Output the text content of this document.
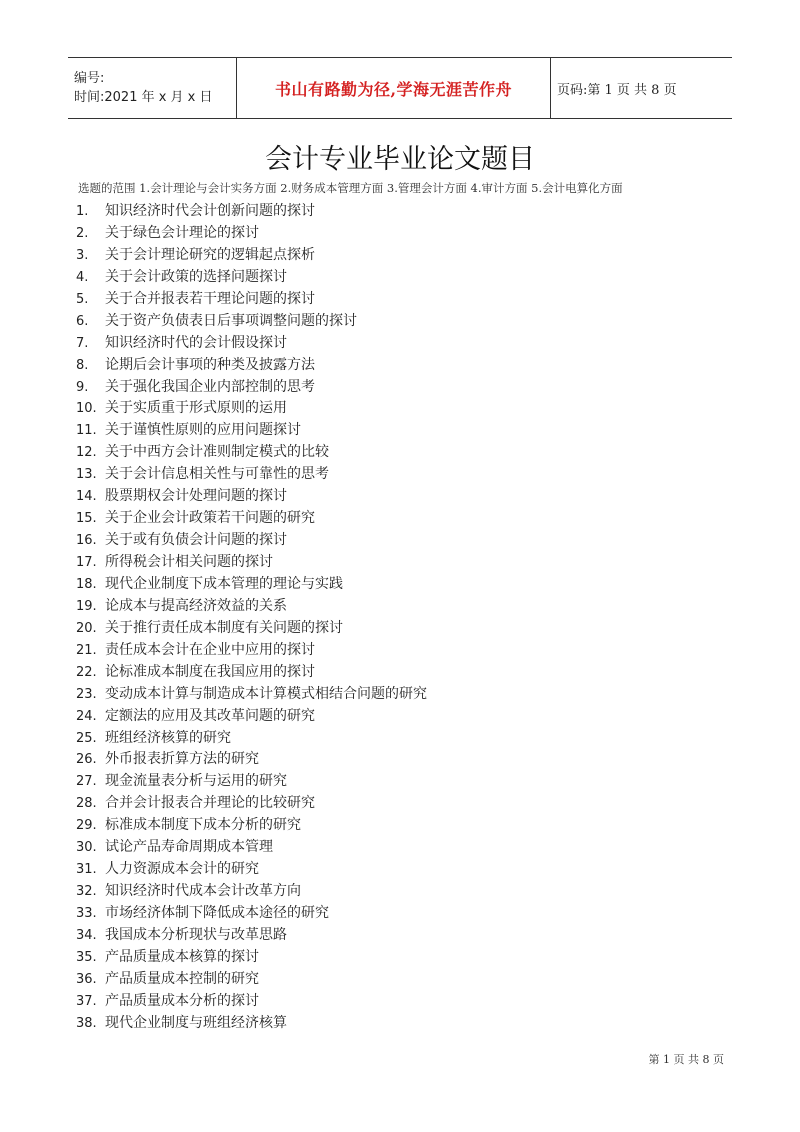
编号:
时间:2021 年 x 月 x 日	书山有路勤为径,学海无涯苦作舟	页码:第 1 页 共 8 页
会计专业毕业论文题目
选题的范围 1.会计理论与会计实务方面 2.财务成本管理方面 3.管理会计方面 4.审计方面 5.会计电算化方面
1.	知识经济时代会计创新问题的探讨
2.	关于绿色会计理论的探讨
3.	关于会计理论研究的逻辑起点探析
4.	关于会计政策的选择问题探讨
5.	关于合并报表若干理论问题的探讨
6.	关于资产负债表日后事项调整问题的探讨
7.	知识经济时代的会计假设探讨
8.	论期后会计事项的种类及披露方法
9.	关于强化我国企业内部控制的思考
10. 关于实质重于形式原则的运用
11. 关于谨慎性原则的应用问题探讨
12. 关于中西方会计准则制定模式的比较
13. 关于会计信息相关性与可靠性的思考
14. 股票期权会计处理问题的探讨
15. 关于企业会计政策若干问题的研究
16. 关于或有负债会计问题的探讨
17. 所得税会计相关问题的探讨
18. 现代企业制度下成本管理的理论与实践
19. 论成本与提高经济效益的关系
20. 关于推行责任成本制度有关问题的探讨
21. 责任成本会计在企业中应用的探讨
22. 论标准成本制度在我国应用的探讨
23. 变动成本计算与制造成本计算模式相结合问题的研究
24. 定额法的应用及其改革问题的研究
25. 班组经济核算的研究
26. 外币报表折算方法的研究
27. 现金流量表分析与运用的研究
28. 合并会计报表合并理论的比较研究
29. 标准成本制度下成本分析的研究
30. 试论产品寿命周期成本管理
31. 人力资源成本会计的研究
32. 知识经济时代成本会计改革方向
33. 市场经济体制下降低成本途径的研究
34. 我国成本分析现状与改革思路
35. 产品质量成本核算的探讨
36. 产品质量成本控制的研究
37. 产品质量成本分析的探讨
38. 现代企业制度与班组经济核算
第 1 页 共 8 页
